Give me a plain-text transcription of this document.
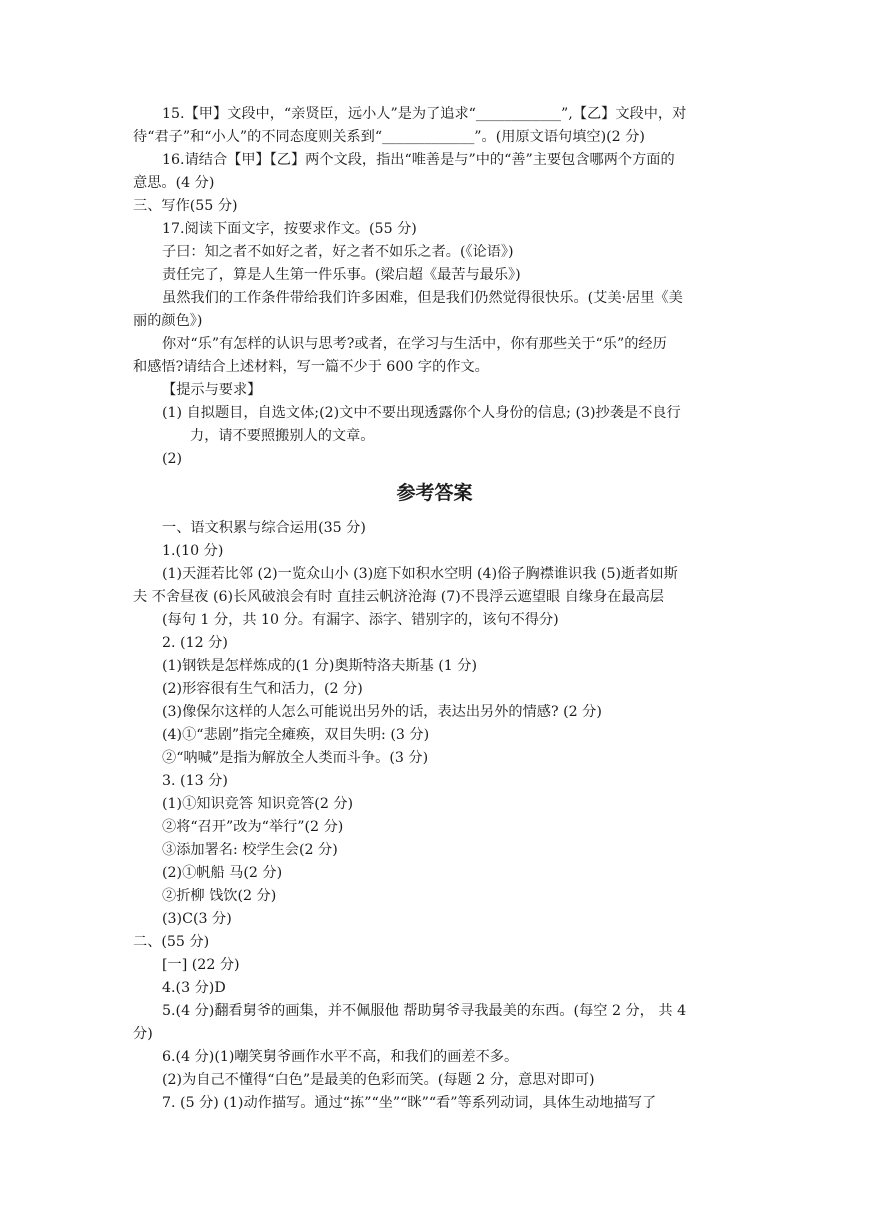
15.【甲】文段中，“亲贤臣，远小人”是为了追求“____________”,【乙】文段中，对
待“君子”和“小人”的不同态度则关系到“_____________”。(用原文语句填空)(2 分)
16.请结合【甲】【乙】两个文段，指出“唯善是与”中的“善”主要包含哪两个方面的
意思。(4 分)
三、写作(55 分)
17.阅读下面文字，按要求作文。(55 分)
子曰：知之者不如好之者，好之者不如乐之者。(《论语》)
责任完了，算是人生第一件乐事。(梁启超《最苦与最乐》)
虽然我们的工作条件带给我们许多困难，但是我们仍然觉得很快乐。(艾美·居里《美
丽的颜色》)
你对“乐”有怎样的认识与思考?或者，在学习与生活中，你有那些关于“乐”的经历
和感悟?请结合上述材料，写一篇不少于 600 字的作文。
【提示与要求】
(1) 自拟题目，自选文体;(2)文中不要出现透露你个人身份的信息; (3)抄袭是不良行
力，请不要照搬别人的文章。
(2)
参考答案
一、语文积累与综合运用(35 分)
1.(10 分)
(1)天涯若比邻 (2)一览众山小 (3)庭下如积水空明 (4)俗子胸襟谁识我 (5)逝者如斯
夫 不舍昼夜 (6)长风破浪会有时 直挂云帆济沧海 (7)不畏浮云遮望眼 自缘身在最高层
(每句 1 分，共 10 分。有漏字、添字、错别字的，该句不得分)
2. (12 分)
(1)钢铁是怎样炼成的(1 分)奥斯特洛夫斯基 (1 分)
(2)形容很有生气和活力，(2 分)
(3)像保尔这样的人怎么可能说出另外的话，表达出另外的情感? (2 分)
(4)①“悲剧”指完全瘫痪，双目失明: (3 分)
②“呐喊”是指为解放全人类而斗争。(3 分)
3. (13 分)
(1)①知识竞答 知识竞答(2 分)
②将“召开”改为“举行”(2 分)
③添加署名: 校学生会(2 分)
(2)①帆船 马(2 分)
②折柳 饯饮(2 分)
(3)C(3 分)
二、(55 分)
[一] (22 分)
4.(3 分)D
5.(4 分)翻看舅爷的画集，并不佩服他 帮助舅爷寻我最美的东西。(每空 2 分， 共 4
分)
6.(4 分)(1)嘲笑舅爷画作水平不高，和我们的画差不多。
(2)为自己不懂得“白色”是最美的色彩而笑。(每题 2 分，意思对即可)
7. (5 分) (1)动作描写。通过“拣”“坐”“眯”“看”等系列动词，具体生动地描写了
